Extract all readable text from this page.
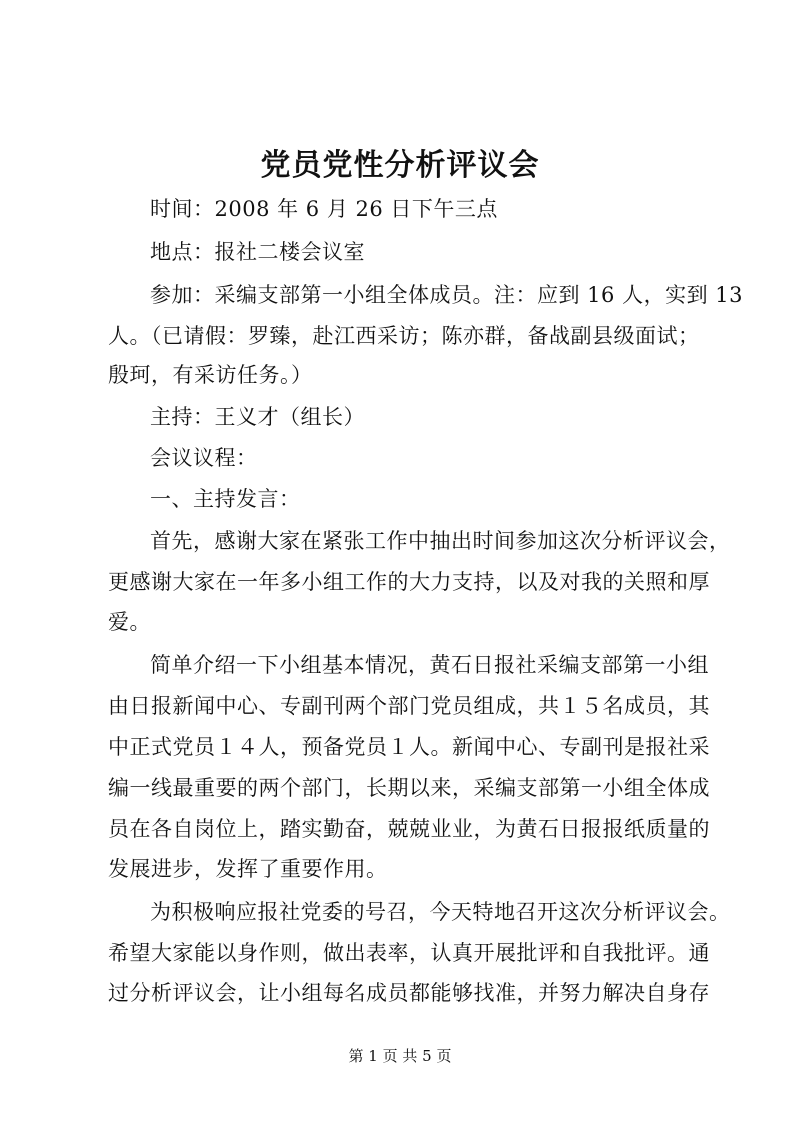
党员党性分析评议会
时间：2008 年 6 月 26 日下午三点
地点：报社二楼会议室
参加：采编支部第一小组全体成员。注：应到 16 人，实到 13
人。（已请假：罗臻，赴江西采访；陈亦群，备战副县级面试；
殷珂，有采访任务。）
主持：王义才（组长）
会议议程：
一、主持发言：
首先，感谢大家在紧张工作中抽出时间参加这次分析评议会，
更感谢大家在一年多小组工作的大力支持，以及对我的关照和厚
爱。
简单介绍一下小组基本情况，黄石日报社采编支部第一小组
由日报新闻中心、专副刊两个部门党员组成，共１５名成员，其
中正式党员１４人，预备党员１人。新闻中心、专副刊是报社采
编一线最重要的两个部门，长期以来，采编支部第一小组全体成
员在各自岗位上，踏实勤奋，兢兢业业，为黄石日报报纸质量的
发展进步，发挥了重要作用。
为积极响应报社党委的号召，今天特地召开这次分析评议会。
希望大家能以身作则，做出表率，认真开展批评和自我批评。通
过分析评议会，让小组每名成员都能够找准，并努力解决自身存
第 1 页 共 5 页
